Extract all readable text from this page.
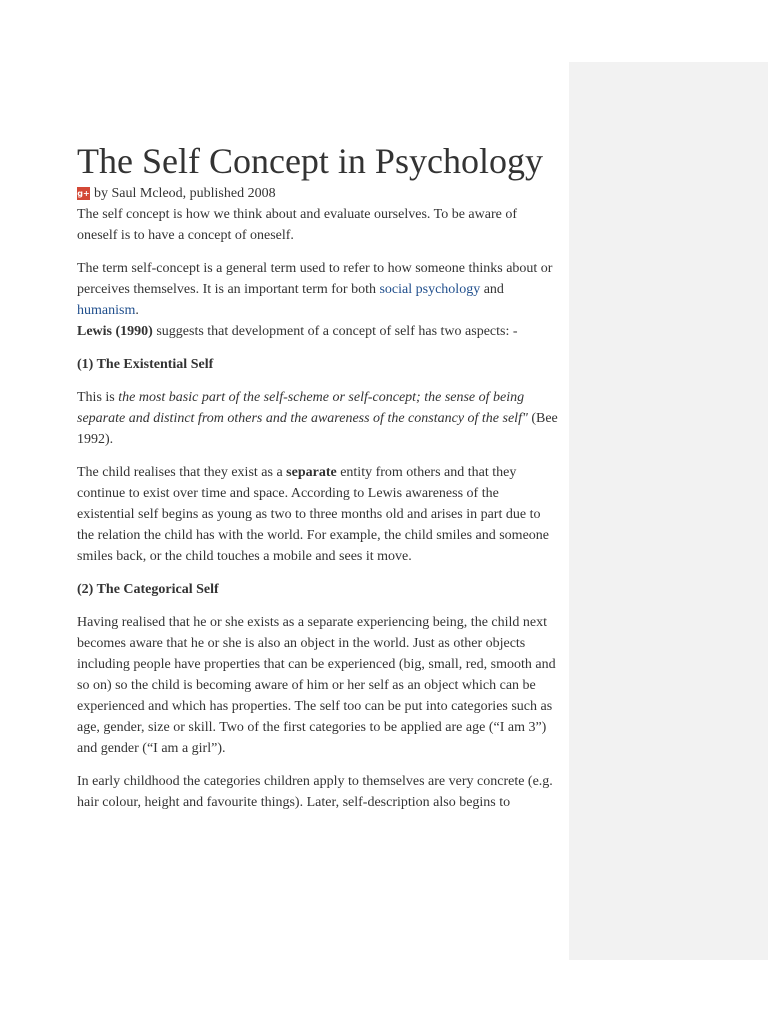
The Self Concept in Psychology
g+ by Saul Mcleod, published 2008

The self concept is how we think about and evaluate ourselves. To be aware of oneself is to have a concept of oneself.

The term self-concept is a general term used to refer to how someone thinks about or perceives themselves. It is an important term for both social psychology and humanism.

Lewis (1990) suggests that development of a concept of self has two aspects: -

(1) The Existential Self

This is the most basic part of the self-scheme or self-concept; the sense of being separate and distinct from others and the awareness of the constancy of the self" (Bee 1992).

The child realises that they exist as a separate entity from others and that they continue to exist over time and space. According to Lewis awareness of the existential self begins as young as two to three months old and arises in part due to the relation the child has with the world. For example, the child smiles and someone smiles back, or the child touches a mobile and sees it move.

(2) The Categorical Self

Having realised that he or she exists as a separate experiencing being, the child next becomes aware that he or she is also an object in the world. Just as other objects including people have properties that can be experienced (big, small, red, smooth and so on) so the child is becoming aware of him or her self as an object which can be experienced and which has properties. The self too can be put into categories such as age, gender, size or skill. Two of the first categories to be applied are age (“I am 3”) and gender (“I am a girl”).

In early childhood the categories children apply to themselves are very concrete (e.g. hair colour, height and favourite things). Later, self-description also begins to
